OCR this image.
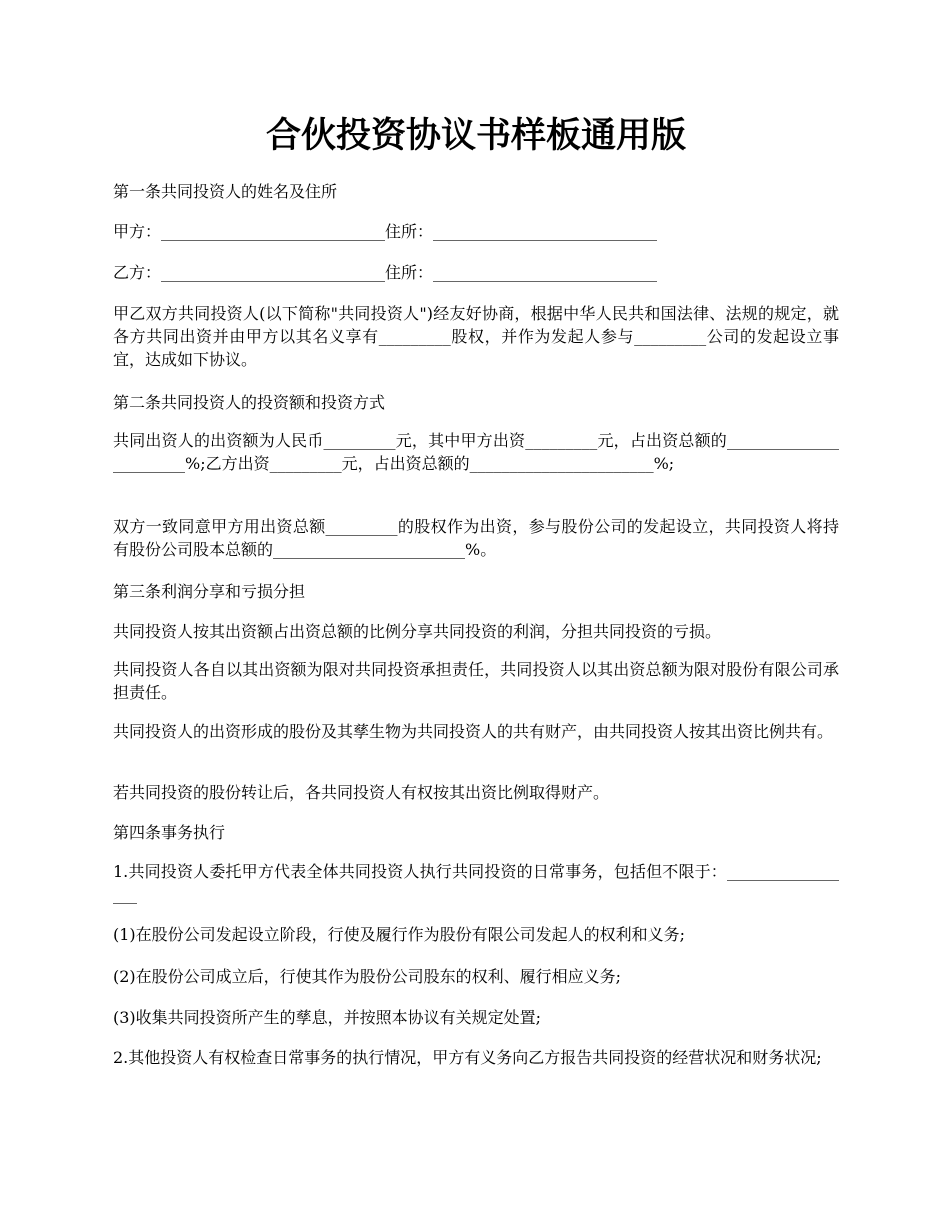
合伙投资协议书样板通用版

第一条共同投资人的姓名及住所

甲方：____________________________住所：____________________________

乙方：____________________________住所：____________________________

甲乙双方共同投资人(以下简称"共同投资人")经友好协商，根据中华人民共和国法律、法规的规定，就各方共同出资并由甲方以其名义享有_________股权，并作为发起人参与_________公司的发起设立事宜，达成如下协议。

第二条共同投资人的投资额和投资方式

共同出资人的出资额为人民币_________元，其中甲方出资_________元，占出资总额的_______________________%;乙方出资_________元，占出资总额的_______________________%;

双方一致同意甲方用出资总额_________的股权作为出资，参与股份公司的发起设立，共同投资人将持有股份公司股本总额的________________________%。

第三条利润分享和亏损分担

共同投资人按其出资额占出资总额的比例分享共同投资的利润，分担共同投资的亏损。

共同投资人各自以其出资额为限对共同投资承担责任，共同投资人以其出资总额为限对股份有限公司承担责任。

共同投资人的出资形成的股份及其孳生物为共同投资人的共有财产，由共同投资人按其出资比例共有。

若共同投资的股份转让后，各共同投资人有权按其出资比例取得财产。

第四条事务执行

1.共同投资人委托甲方代表全体共同投资人执行共同投资的日常事务，包括但不限于：_________________

(1)在股份公司发起设立阶段，行使及履行作为股份有限公司发起人的权利和义务;

(2)在股份公司成立后，行使其作为股份公司股东的权利、履行相应义务;

(3)收集共同投资所产生的孳息，并按照本协议有关规定处置;

2.其他投资人有权检查日常事务的执行情况，甲方有义务向乙方报告共同投资的经营状况和财务状况;
